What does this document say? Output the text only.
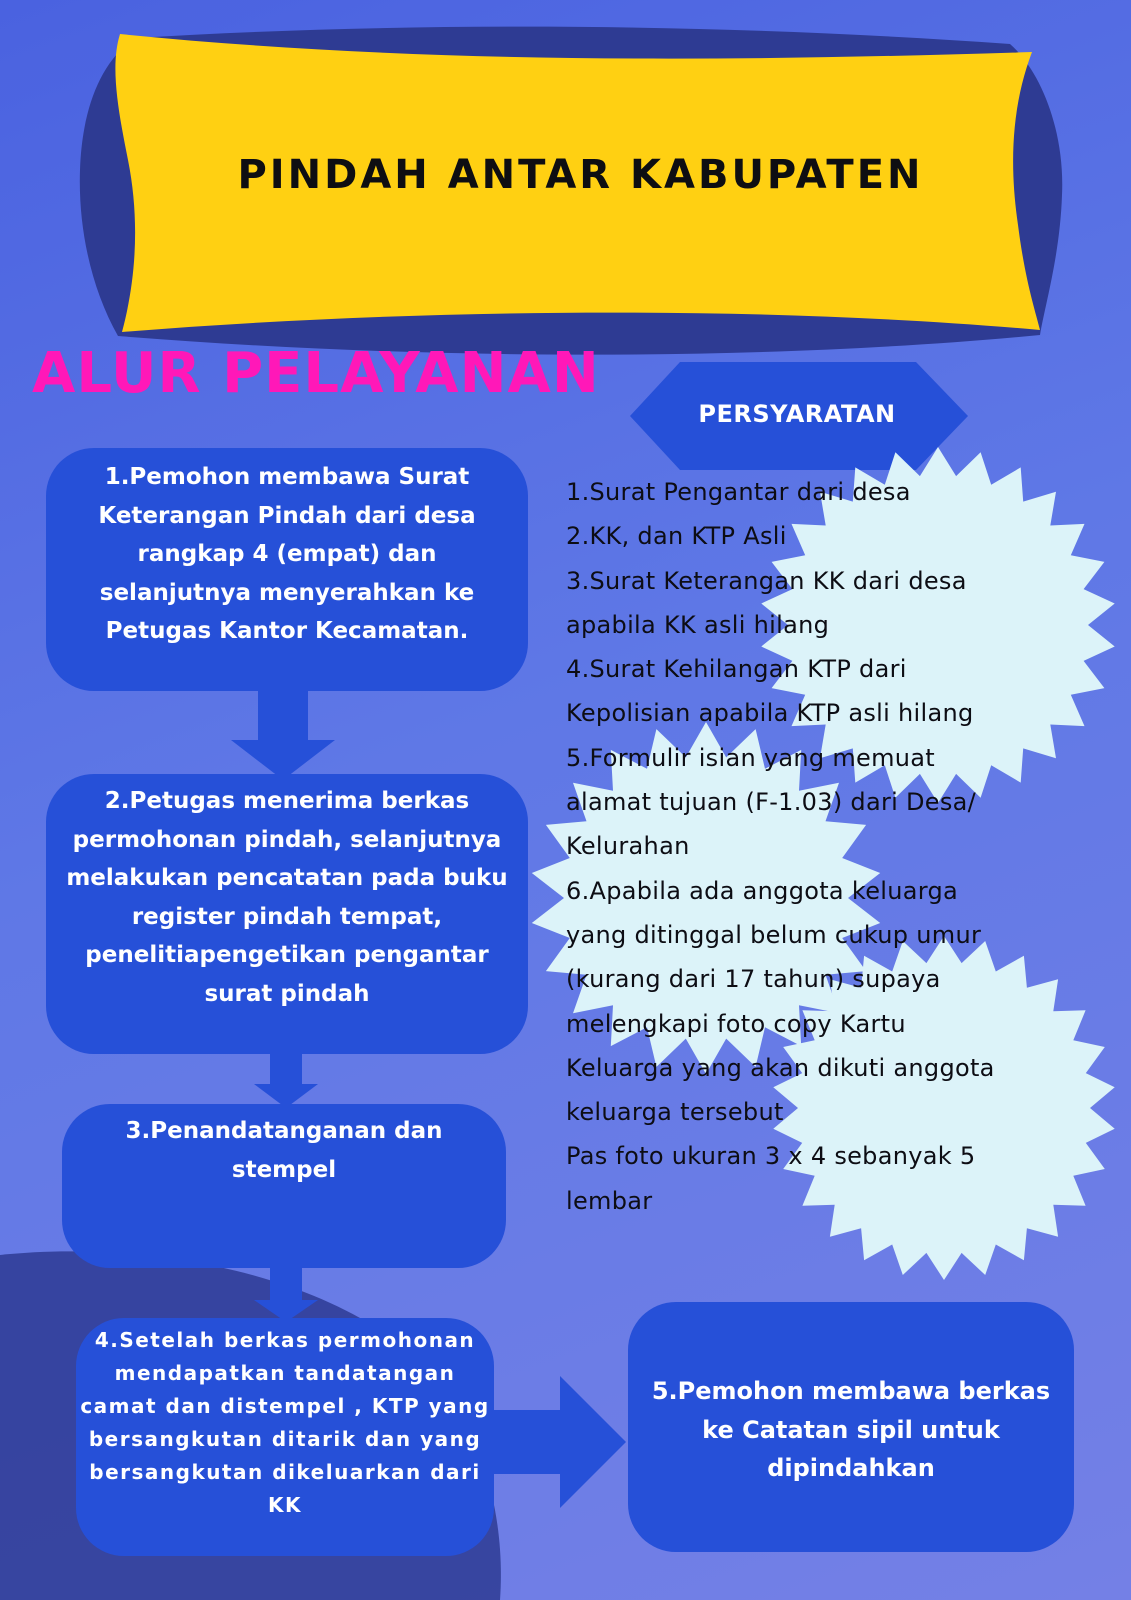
PINDAH ANTAR KABUPATEN
ALUR PELAYANAN
PERSYARATAN
1.Pemohon membawa Surat Keterangan Pindah dari desa rangkap 4 (empat) dan selanjutnya menyerahkan ke Petugas Kantor Kecamatan.
2.Petugas menerima berkas permohonan pindah, selanjutnya melakukan pencatatan pada buku register pindah tempat, penelitiapengetikan pengantar surat pindah
3.Penandatanganan dan stempel
4.Setelah berkas permohonan mendapatkan tandatangan camat dan distempel , KTP yang bersangkutan ditarik dan yang bersangkutan dikeluarkan dari KK
5.Pemohon membawa berkas ke Catatan sipil untuk dipindahkan
1.Surat Pengantar dari desa
2.KK, dan KTP Asli
3.Surat Keterangan KK dari desa
apabila KK asli hilang
4.Surat Kehilangan KTP dari
Kepolisian apabila KTP asli hilang
5.Formulir isian yang memuat
alamat tujuan (F-1.03) dari Desa/
Kelurahan
6.Apabila ada anggota keluarga
yang ditinggal belum cukup umur
(kurang dari 17 tahun) supaya
melengkapi foto copy Kartu
Keluarga yang akan dikuti anggota
keluarga tersebut
Pas foto ukuran 3 x 4 sebanyak 5
lembar
